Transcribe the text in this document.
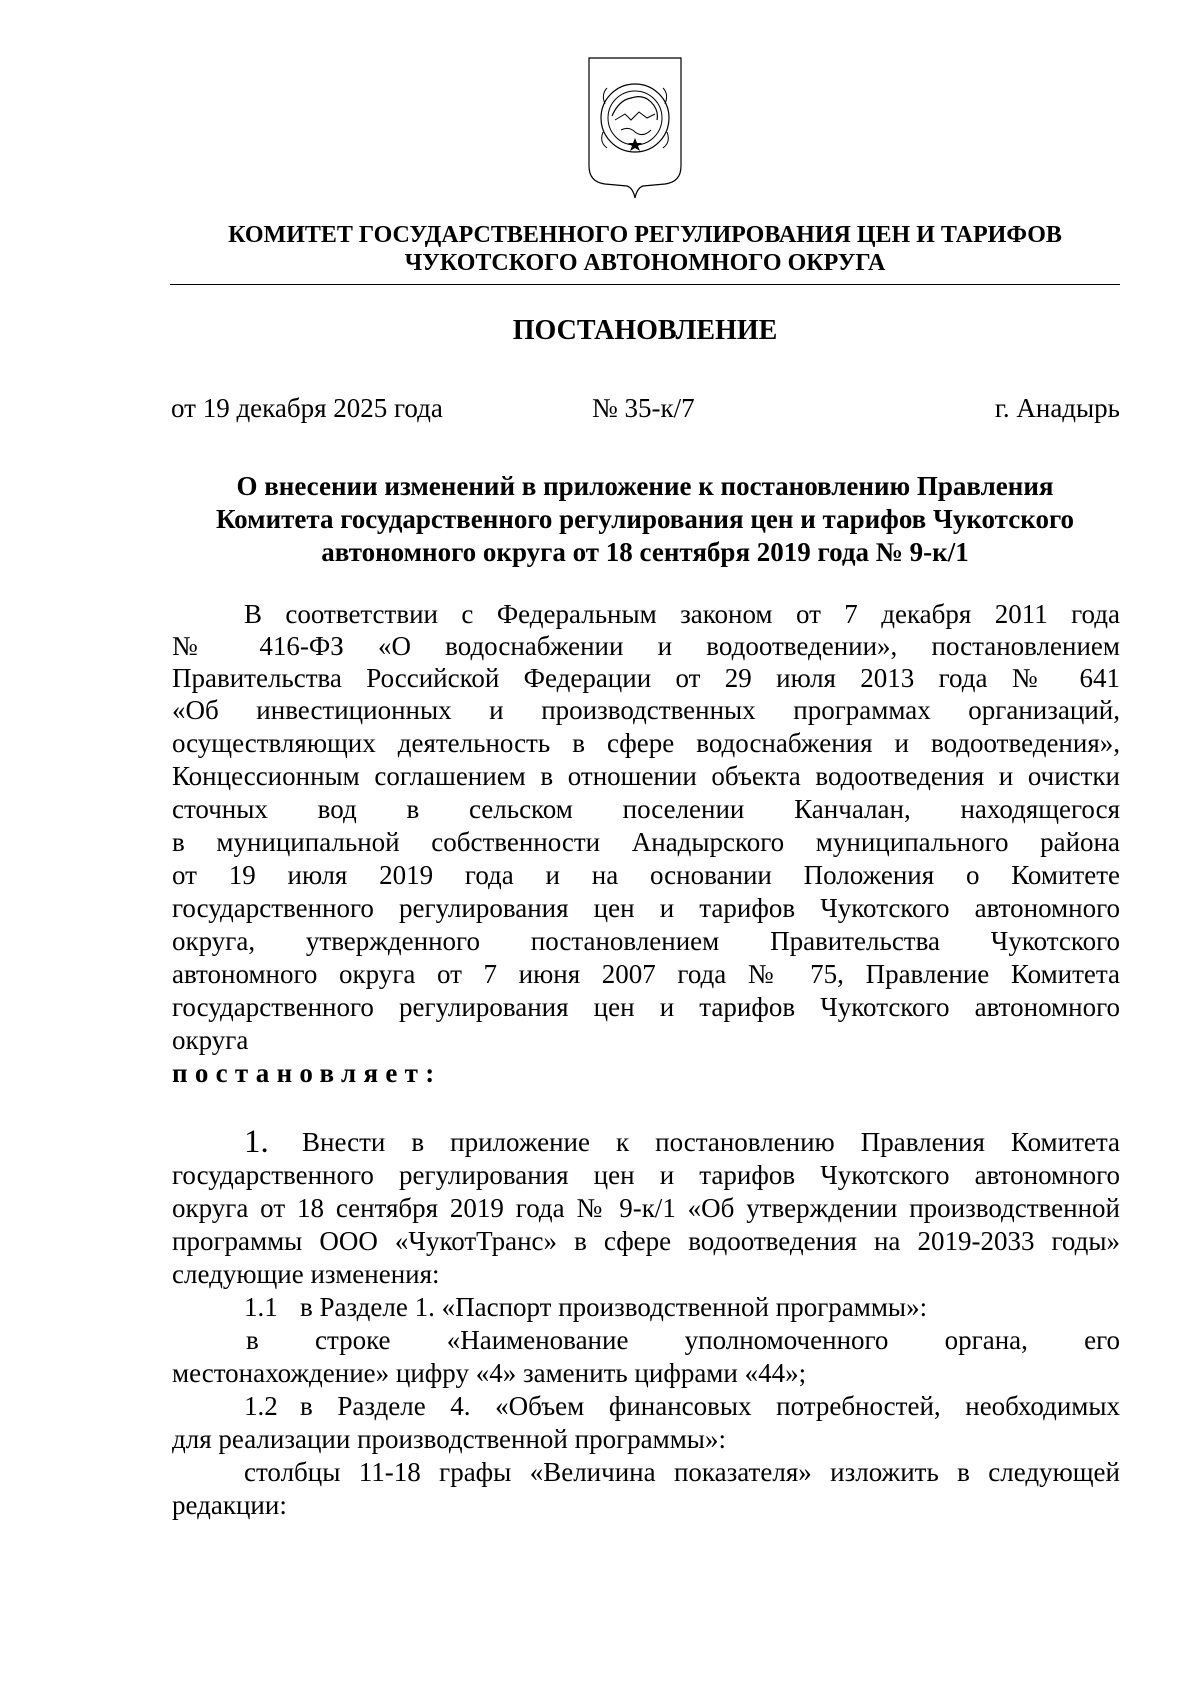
КОМИТЕТ ГОСУДАРСТВЕННОГО РЕГУЛИРОВАНИЯ ЦЕН И ТАРИФОВ
ЧУКОТСКОГО АВТОНОМНОГО ОКРУГА
ПОСТАНОВЛЕНИЕ
от 19 декабря 2025 года	№ 35-к/7	г. Анадырь
О внесении изменений в приложение к постановлению Правления
Комитета государственного регулирования цен и тарифов Чукотского
автономного округа от 18 сентября 2019 года № 9-к/1
В соответствии с Федеральным законом от 7 декабря 2011 года
№ 416-ФЗ «О водоснабжении и водоотведении», постановлением
Правительства Российской Федерации от 29 июля 2013 года № 641
«Об инвестиционных и производственных программах организаций,
осуществляющих деятельность в сфере водоснабжения и водоотведения»,
Концессионным соглашением в отношении объекта водоотведения и очистки
сточных вод в сельском поселении Канчалан, находящегося
в муниципальной собственности Анадырского муниципального района
от 19 июля 2019 года и на основании Положения о Комитете
государственного регулирования цен и тарифов Чукотского автономного
округа, утвержденного постановлением Правительства Чукотского
автономного округа от 7 июня 2007 года № 75, Правление Комитета
государственного регулирования цен и тарифов Чукотского автономного
округа
постановляет:
1. Внести в приложение к постановлению Правления Комитета
государственного регулирования цен и тарифов Чукотского автономного
округа от 18 сентября 2019 года № 9-к/1 «Об утверждении производственной
программы ООО «ЧукотТранс» в сфере водоотведения на 2019-2033 годы»
следующие изменения:
1.1 в Разделе 1. «Паспорт производственной программы»:
в строке «Наименование уполномоченного органа, его
местонахождение» цифру «4» заменить цифрами «44»;
1.2 в Разделе 4. «Объем финансовых потребностей, необходимых
для реализации производственной программы»:
столбцы 11-18 графы «Величина показателя» изложить в следующей
редакции:
